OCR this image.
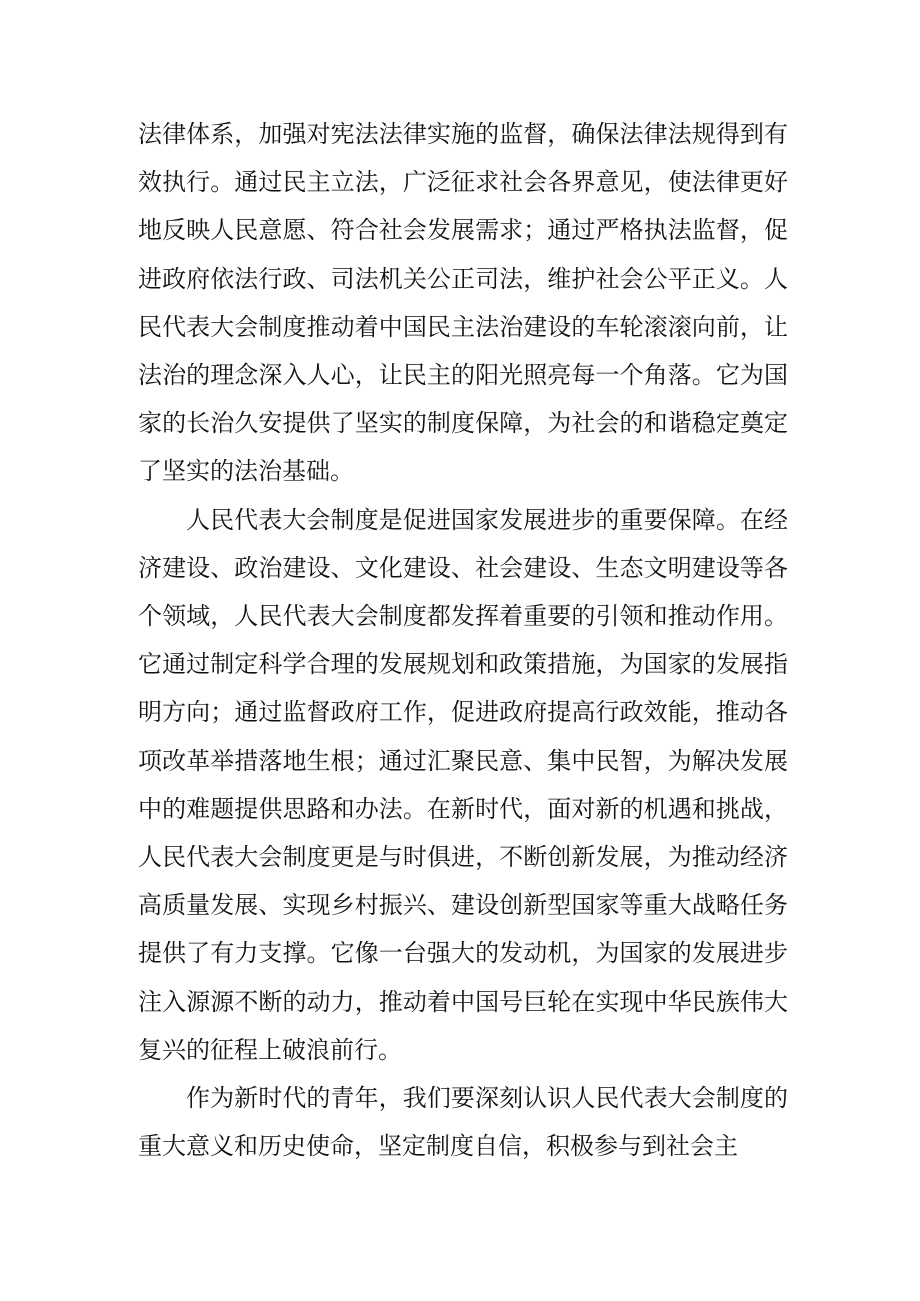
法律体系，加强对宪法法律实施的监督，确保法律法规得到有效执行。通过民主立法，广泛征求社会各界意见，使法律更好地反映人民意愿、符合社会发展需求；通过严格执法监督，促进政府依法行政、司法机关公正司法，维护社会公平正义。人民代表大会制度推动着中国民主法治建设的车轮滚滚向前，让法治的理念深入人心，让民主的阳光照亮每一个角落。它为国家的长治久安提供了坚实的制度保障，为社会的和谐稳定奠定了坚实的法治基础。

人民代表大会制度是促进国家发展进步的重要保障。在经济建设、政治建设、文化建设、社会建设、生态文明建设等各个领域，人民代表大会制度都发挥着重要的引领和推动作用。它通过制定科学合理的发展规划和政策措施，为国家的发展指明方向；通过监督政府工作，促进政府提高行政效能，推动各项改革举措落地生根；通过汇聚民意、集中民智，为解决发展中的难题提供思路和办法。在新时代，面对新的机遇和挑战，人民代表大会制度更是与时俱进，不断创新发展，为推动经济高质量发展、实现乡村振兴、建设创新型国家等重大战略任务提供了有力支撑。它像一台强大的发动机，为国家的发展进步注入源源不断的动力，推动着中国号巨轮在实现中华民族伟大复兴的征程上破浪前行。

作为新时代的青年，我们要深刻认识人民代表大会制度的重大意义和历史使命，坚定制度自信，积极参与到社会主
